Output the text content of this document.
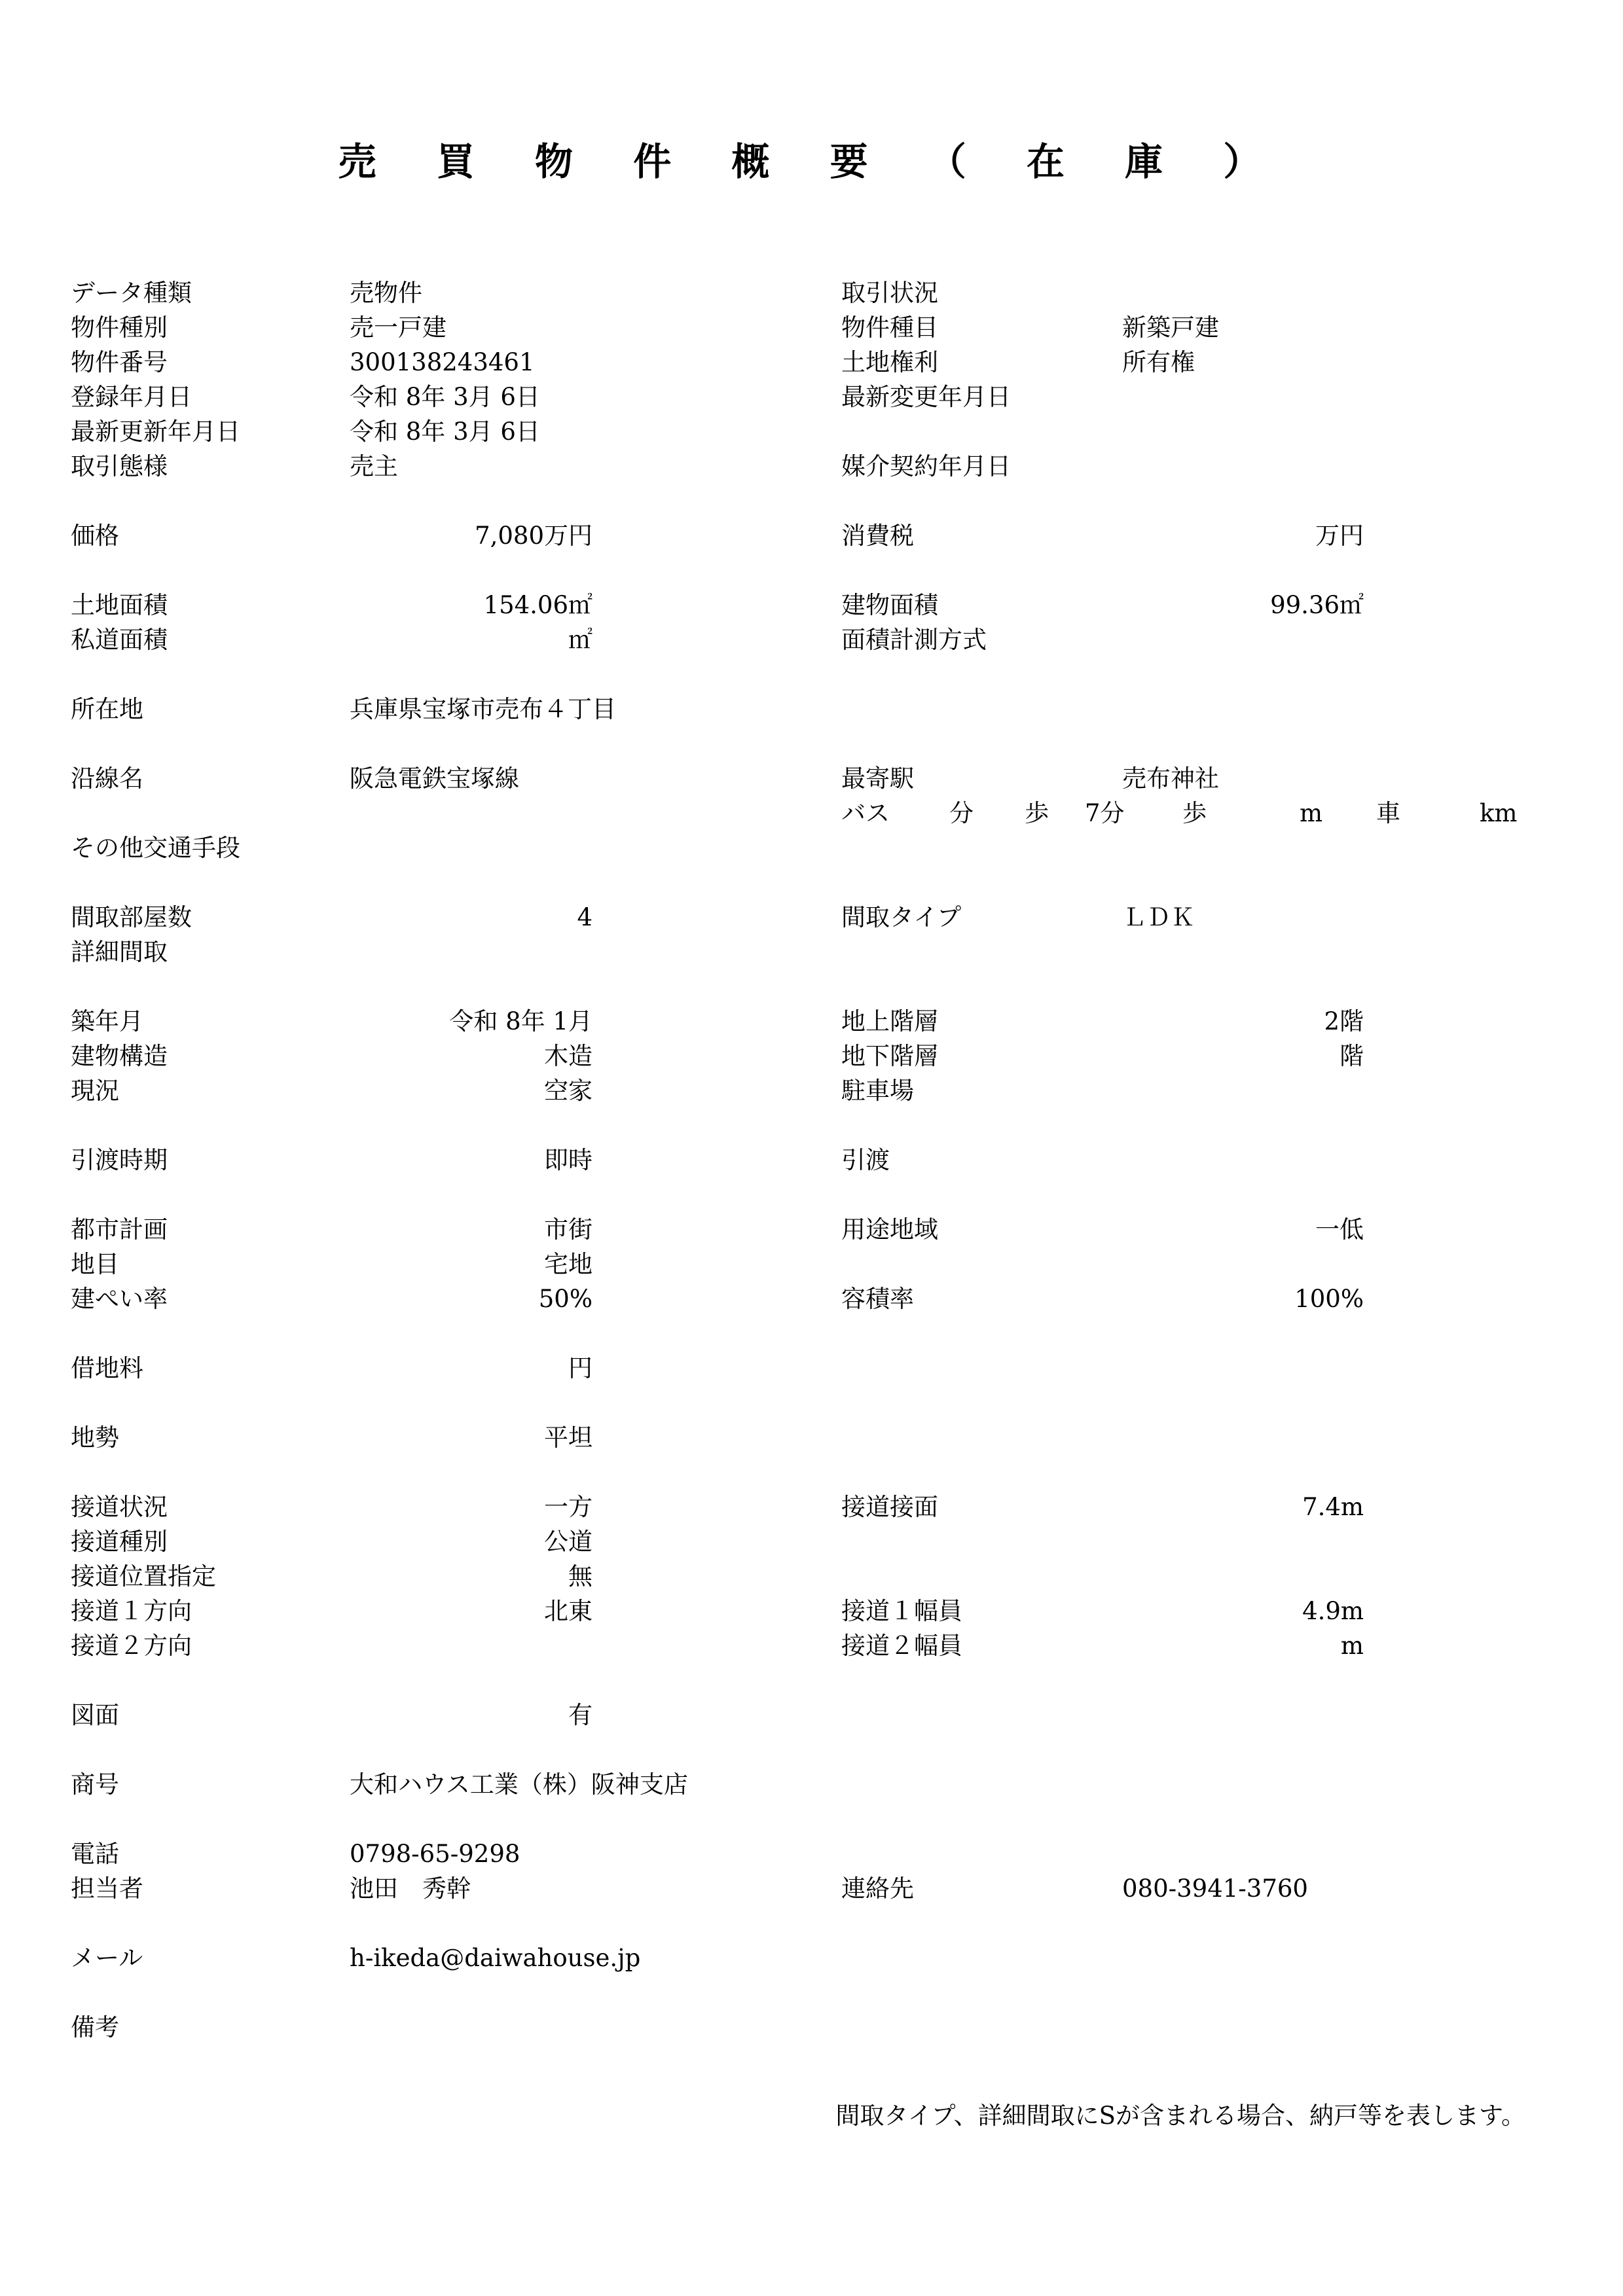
売 買 物 件 概 要 （ 在 庫 ）
データ種類
物件種別
物件番号
登録年月日
最新更新年月日
取引態様
価格
土地面積
私道面積
所在地
沿線名
その他交通手段
間取部屋数
詳細間取
築年月
建物構造
現況
引渡時期
都市計画
地目
建ぺい率
借地料
地勢
接道状況
接道種別
接道位置指定
接道１方向
接道２方向
図面
商号
電話
担当者
メール
備考
売物件
売一戸建
300138243461
令和 8年 3月 6日
令和 8年 3月 6日
売主
兵庫県宝塚市売布４丁目
阪急電鉄宝塚線
大和ハウス工業（株）阪神支店
0798-65-9298
池田　秀幹
h-ikeda@daiwahouse.jp
7,080万円
154.06㎡
㎡
4
令和 8年 1月
木造
空家
即時
市街
宅地
50%
円
平坦
一方
公道
無
北東
有
取引状況
物件種目
土地権利
最新変更年月日
媒介契約年月日
消費税
建物面積
面積計測方式
最寄駅
間取タイプ
地上階層
地下階層
駐車場
引渡
用途地域
容積率
接道接面
接道１幅員
接道２幅員
連絡先
新築戸建
所有権
売布神社
ＬＤＫ
080-3941-3760
バス 分 歩 7分 歩	m 車	km
万円
99.36㎡
2階
階
一低
100%
7.4m
4.9m
m
間取タイプ、詳細間取にSが含まれる場合、納戸等を表します。
